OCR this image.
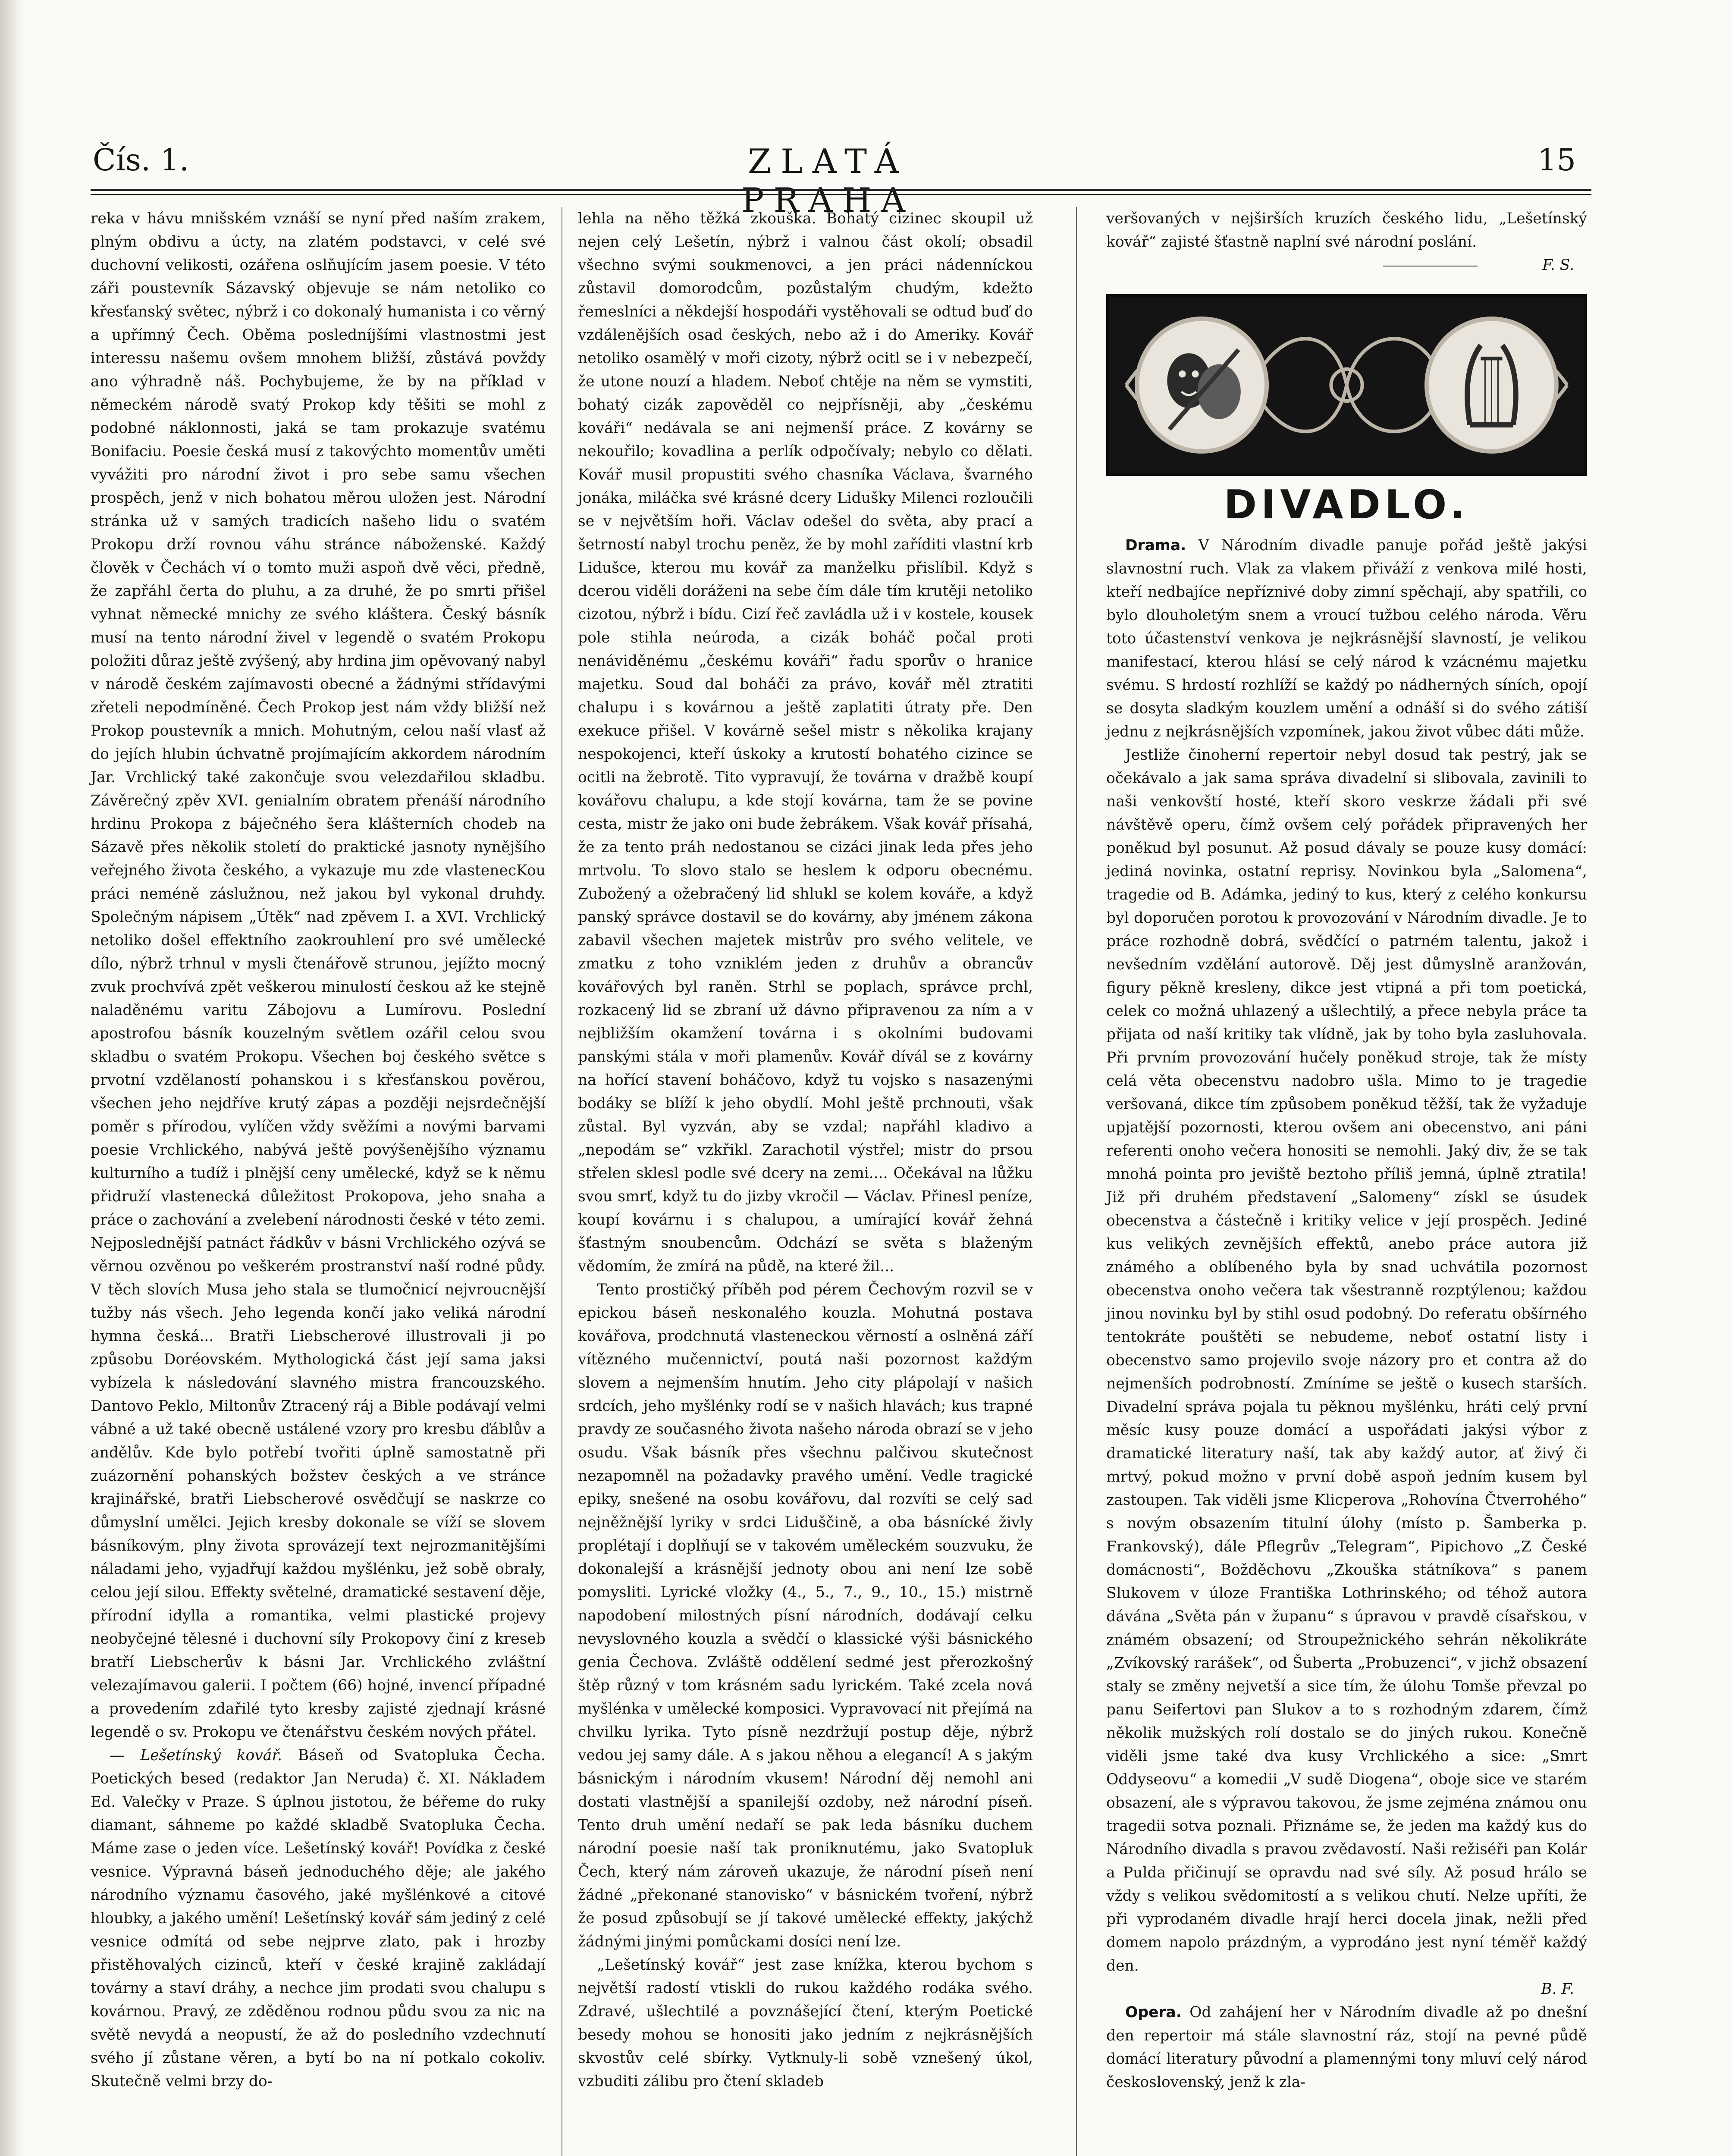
Čís. 1.	ZLATÁ PRAHA
15

reka v hávu mnišském vznáší se nyní před naším zrakem, plným obdivu a úcty, na zlatém podstavci, v celé své duchovní velikosti, ozářena oslňujícím jasem poesie. V této záři poustevník Sázavský objevuje se nám netoliko co křesťanský světec, nýbrž i co dokonalý humanista i co věrný a upřímný Čech. Oběma posledníjšími vlastnostmi jest interessu našemu ovšem mnohem bližší, zůstává povždy ano výhradně náš. Pochybujeme, že by na příklad v německém národě svatý Prokop kdy těšiti se mohl z podobné náklonnosti, jaká se tam prokazuje svatému Bonifaciu. Poesie česká musí z takovýchto momentův uměti vyvážiti pro národní život i pro sebe samu všechen prospěch, jenž v nich bohatou měrou uložen jest. Národní stránka už v samých tradicích našeho lidu o svatém Prokopu drží rovnou váhu stránce náboženské. Každý člověk v Čechách ví o tomto muži aspoň dvě věci, předně, že zapřáhl čerta do pluhu, a za druhé, že po smrti přišel vyhnat německé mnichy ze svého kláštera. Český básník musí na tento národní živel v legendě o svatém Prokopu položiti důraz ještě zvýšený, aby hrdina jim opěvovaný nabyl v národě českém zajímavosti obecné a žádnými střídavými zřeteli nepodmíněné. Čech Prokop jest nám vždy bližší než Prokop poustevník a mnich. Mohutným, celou naší vlasť až do jejích hlubin úchvatně projímajícím akkordem národním Jar. Vrchlický také zakončuje svou velezdařilou skladbu. Závěrečný zpěv XVI. genialním obratem přenáší národního hrdinu Prokopa z báječného šera klášterních chodeb na Sázavě přes několik století do praktické jasnoty nynějšího veřejného života českého, a vykazuje mu zde vlastenecKou práci neméně záslužnou, než jakou byl vykonal druhdy. Společným nápisem „Útěk“ nad zpěvem I. a XVI. Vrchlický netoliko došel effektního zaokrouhlení pro své umělecké dílo, nýbrž trhnul v mysli čtenářově strunou, jejížto mocný zvuk prochvívá zpět veškerou minulostí českou až ke stejně naladěnému varitu Zábojovu a Lumírovu. Poslední apostrofou básník kouzelným světlem ozářil celou svou skladbu o svatém Prokopu. Všechen boj českého světce s prvotní vzdělaností pohanskou i s křesťanskou pověrou, všechen jeho nejdříve krutý zápas a později nejsrdečnější poměr s přírodou, vylíčen vždy svěžími a novými barvami poesie Vrchlického, nabývá ještě povýšenějšího významu kulturního a tudíž i plnější ceny umělecké, když se k němu přidruží vlastenecká důležitost Prokopova, jeho snaha a práce o zachování a zvelebení národnosti české v této zemi. Nejposlednější patnáct řádkův v básni Vrchlického ozývá se věrnou ozvěnou po veškerém prostranství naší rodné půdy. V těch slovích Musa jeho stala se tlumočnicí nejvroucnější tužby nás všech. Jeho legenda končí jako veliká národní hymna česká... Bratři Liebscherové illustrovali ji po způsobu Doréovském. Mythologická část její sama jaksi vybízela k následování slavného mistra francouzského. Dantovo Peklo, Miltonův Ztracený ráj a Bible podávají velmi vábné a už také obecně ustálené vzory pro kresbu ďáblův a andělův. Kde bylo potřebí tvořiti úplně samostatně při zuázornění pohanských božstev českých a ve stránce krajinářské, bratři Liebscherové osvědčují se naskrze co důmyslní umělci. Jejich kresby dokonale se víží se slovem básníkovým, plny života sprovázejí text nejrozmanitějšími náladami jeho, vyjadřují každou myšlénku, jež sobě obraly, celou její silou. Effekty světelné, dramatické sestavení děje, přírodní idylla a romantika, velmi plastické projevy neobyčejné tělesné i duchovní síly Prokopovy činí z kreseb bratří Liebscherův k básni Jar. Vrchlického zvláštní velezajímavou galerii. I počtem (66) hojné, invencí případné a provedením zdařilé tyto kresby zajisté zjednají krásné legendě o sv. Prokopu ve čtenářstvu českém nových přátel.

— Lešetínský kovář. Báseň od Svatopluka Čecha. Poetických besed (redaktor Jan Neruda) č. XI. Nákladem Ed. Valečky v Praze. S úplnou jistotou, že béřeme do ruky diamant, sáhneme po každé skladbě Svatopluka Čecha. Máme zase o jeden více. Lešetínský kovář! Povídka z české vesnice. Výpravná báseň jednoduchého děje; ale jakého národního významu časového, jaké myšlénkové a citové hloubky, a jakého umění! Lešetínský kovář sám jediný z celé vesnice odmítá od sebe nejprve zlato, pak i hrozby přistěhovalých cizinců, kteří v české krajině zakládají továrny a staví dráhy, a nechce jim prodati svou chalupu s kovárnou. Pravý, ze zděděnou rodnou půdu svou za nic na světě nevydá a neopustí, že až do posledního vzdechnutí svého jí zůstane věren, a bytí bo na ní potkalo cokoliv. Skutečně velmi brzy do-

lehla na něho těžká zkouška. Bohatý cizinec skoupil už nejen celý Lešetín, nýbrž i valnou část okolí; obsadil všechno svými soukmenovci, a jen práci nádenníckou zůstavil domorodcům, pozůstalým chudým, kdežto řemeslníci a někdejší hospodáři vystěhovali se odtud buď do vzdálenějších osad českých, nebo až i do Ameriky. Kovář netoliko osamělý v moři cizoty, nýbrž ocitl se i v nebezpečí, že utone nouzí a hladem. Neboť chtěje na něm se vymstiti, bohatý cizák zapověděl co nejpřísněji, aby „českému kováři“ nedávala se ani nejmenší práce. Z kovárny se nekouřilo; kovadlina a perlík odpočívaly; nebylo co dělati. Kovář musil propustiti svého chasníka Václava, švarného jonáka, miláčka své krásné dcery Lidušky Milenci rozloučili se v největším hoři. Václav odešel do světa, aby prací a šetrností nabyl trochu peněz, že by mohl zaříditi vlastní krb Lidušce, kterou mu kovář za manželku přislíbil. Když s dcerou viděli doráženi na sebe čím dále tím krutěji netoliko cizotou, nýbrž i bídu. Cizí řeč zavládla už i v kostele, kousek pole stihla neúroda, a cizák boháč počal proti nenáviděnému „českému kováři“ řadu sporův o hranice majetku. Soud dal boháči za právo, kovář měl ztratiti chalupu i s kovárnou a ještě zaplatiti útraty pře. Den exekuce přišel. V kovárně sešel mistr s několika krajany nespokojenci, kteří úskoky a krutostí bohatého cizince se ocitli na žebrotě. Tito vypravují, že továrna v dražbě koupí kovářovu chalupu, a kde stojí kovárna, tam že se povine cesta, mistr že jako oni bude žebrákem. Však kovář přísahá, že za tento práh nedostanou se cizáci jinak leda přes jeho mrtvolu. To slovo stalo se heslem k odporu obecnému. Zubožený a ožebračený lid shlukl se kolem kováře, a když panský správce dostavil se do kovárny, aby jménem zákona zabavil všechen majetek mistrův pro svého velitele, ve zmatku z toho vzniklém jeden z druhův a obrancův kovářových byl raněn. Strhl se poplach, správce prchl, rozkacený lid se zbraní už dávno připravenou za ním a v nejbližším okamžení továrna i s okolními budovami panskými stála v moři plamenův. Kovář dívál se z kovárny na hořící stavení boháčovo, když tu vojsko s nasazenými bodáky se blíží k jeho obydlí. Mohl ještě prchnouti, však zůstal. Byl vyzván, aby se vzdal; napřáhl kladivo a „nepodám se“ vzkřikl. Zarachotil výstřel; mistr do prsou střelen sklesl podle své dcery na zemi.... Očekával na lůžku svou smrť, když tu do jizby vkročil — Václav. Přinesl peníze, koupí kovárnu i s chalupou, a umírající kovář žehná šťastným snoubencům. Odchází se světa s blaženým vědomím, že zmírá na půdě, na které žil...

Tento prostičký příběh pod pérem Čechovým rozvil se v epickou báseň neskonalého kouzla. Mohutná postava kovářova, prodchnutá vlasteneckou věrností a oslněná září vítězného mučennictví, poutá naši pozornost každým slovem a nejmenším hnutím. Jeho city plápolají v našich srdcích, jeho myšlénky rodí se v našich hlavách; kus trapné pravdy ze současného života našeho národa obrazí se v jeho osudu. Však básník přes všechnu palčivou skutečnost nezapomněl na požadavky pravého umění. Vedle tragické epiky, snešené na osobu kovářovu, dal rozvíti se celý sad nejněžnější lyriky v srdci Liduščině, a oba básnícké živly proplétají i doplňují se v takovém uměleckém souzvuku, že dokonalejší a krásnější jednoty obou ani není lze sobě pomysliti. Lyrické vložky (4., 5., 7., 9., 10., 15.) mistrně napodobení milostných písní národních, dodávají celku nevyslovného kouzla a svědčí o klassické výši básnického genia Čechova. Zvláště oddělení sedmé jest přerozkošný štěp různý v tom krásném sadu lyrickém. Také zcela nová myšlénka v umělecké komposici. Vypravovací nit přejímá na chvilku lyrika. Tyto písně nezdržují postup děje, nýbrž vedou jej samy dále. A s jakou něhou a elegancí! A s jakým básnickým i národním vkusem! Národní děj nemohl ani dostati vlastnější a spanilejší ozdoby, než národní píseň. Tento druh umění nedaří se pak leda básníku duchem národní poesie naší tak proniknutému, jako Svatopluk Čech, který nám zároveň ukazuje, že národní píseň není žádné „překonané stanovisko“ v básnickém tvoření, nýbrž že posud způsobují se jí takové umělecké effekty, jakýchž žádnými jinými pomůckami dosíci není lze.

„Lešetínský kovář“ jest zase knížka, kterou bychom s největší radostí vtiskli do rukou každého rodáka svého. Zdravé, ušlechtilé a povznášející čtení, kterým Poetické besedy mohou se honositi jako jedním z nejkrásnějších skvostův celé sbírky. Vytknuly-li sobě vznešený úkol, vzbuditi zálibu pro čtení skladeb

veršovaných v nejširších kruzích českého lidu, „Lešetínský kovář“ zajisté šťastně naplní své národní poslání.

F. S.

DIVADLO.

Drama. V Národním divadle panuje pořád ještě jakýsi slavnostní ruch. Vlak za vlakem přiváží z venkova milé hosti, kteří nedbajíce nepříznivé doby zimní spěchají, aby spatřili, co bylo dlouholetým snem a vroucí tužbou celého národa. Věru toto účastenství venkova je nejkrásnější slavností, je velikou manifestací, kterou hlásí se celý národ k vzácnému majetku svému. S hrdostí rozhlíží se každý po nádherných síních, opojí se dosyta sladkým kouzlem umění a odnáší si do svého zátiší jednu z nejkrásnějších vzpomínek, jakou život vůbec dáti může.

Jestliže činoherní repertoir nebyl dosud tak pestrý, jak se očekávalo a jak sama správa divadelní si slibovala, zavinili to naši venkovští hosté, kteří skoro veskrze žádali při své návštěvě operu, čímž ovšem celý pořádek připravených her poněkud byl posunut. Až posud dávaly se pouze kusy domácí: jediná novinka, ostatní reprisy. Novinkou byla „Salomena“, tragedie od B. Adámka, jediný to kus, který z celého konkursu byl doporučen porotou k provozování v Národním divadle. Je to práce rozhodně dobrá, svědčící o patrném talentu, jakož i nevšedním vzdělání autorově. Děj jest důmyslně aranžován, figury pěkně kresleny, dikce jest vtipná a při tom poetická, celek co možná uhlazený a ušlechtilý, a přece nebyla práce ta přijata od naší kritiky tak vlídně, jak by toho byla zasluhovala. Při prvním provozování hučely poněkud stroje, tak že místy celá věta obecenstvu nadobro ušla. Mimo to je tragedie veršovaná, dikce tím způsobem poněkud těžší, tak že vyžaduje upjatější pozornosti, kterou ovšem ani obecenstvo, ani páni referenti onoho večera honositi se nemohli. Jaký div, že se tak mnohá pointa pro jeviště beztoho příliš jemná, úplně ztratila! Již při druhém představení „Salomeny“ získl se úsudek obecenstva a částečně i kritiky velice v její prospěch. Jediné kus velikých zevnějších effektů, anebo práce autora již známého a oblíbeného byla by snad uchvátila pozornost obecenstva onoho večera tak všestranně rozptýlenou; každou jinou novinku byl by stihl osud podobný. Do referatu obšírného tentokráte pouštěti se nebudeme, neboť ostatní listy i obecenstvo samo projevilo svoje názory pro et contra až do nejmenších podrobností. Zmíníme se ještě o kusech starších. Divadelní správa pojala tu pěknou myšlénku, hráti celý první měsíc kusy pouze domácí a uspořádati jakýsi výbor z dramatické literatury naší, tak aby každý autor, ať živý či mrtvý, pokud možno v první době aspoň jedním kusem byl zastoupen. Tak viděli jsme Klicperova „Rohovína Čtverrohého“ s novým obsazením titulní úlohy (místo p. Šamberka p. Frankovský), dále Pflegrův „Telegram“, Pipichovo „Z České domácnosti“, Božděchovu „Zkouška státníkova“ s panem Slukovem v úloze Františka Lothrinského; od téhož autora dávána „Světa pán v županu“ s úpravou v pravdě císařskou, v známém obsazení; od Stroupežnického sehrán několikráte „Zvíkovský rarášek“, od Šuberta „Probuzenci“, v jichž obsazení staly se změny nejvetší a sice tím, že úlohu Tomše převzal po panu Seifertovi pan Slukov a to s rozhodným zdarem, čímž několik mužských rolí dostalo se do jiných rukou. Konečně viděli jsme také dva kusy Vrchlického a sice: „Smrt Oddyseovu“ a komedii „V sudě Diogena“, oboje sice ve starém obsazení, ale s výpravou takovou, že jsme zejména známou onu tragedii sotva poznali. Přiznáme se, že jeden ma každý kus do Národního divadla s pravou zvědavostí. Naši režiséři pan Kolár a Pulda přičinují se opravdu nad své síly. Až posud hrálo se vždy s velikou svědomitostí a s velikou chutí. Nelze upříti, že při vyprodaném divadle hrají herci docela jinak, nežli před domem napolo prázdným, a vyprodáno jest nyní téměř každý den.

B. F.

Opera. Od zahájení her v Národním divadle až po dnešní den repertoir má stále slavnostní ráz, stojí na pevné půdě domácí literatury původní a plamennými tony mluví celý národ československý, jenž k zla-
